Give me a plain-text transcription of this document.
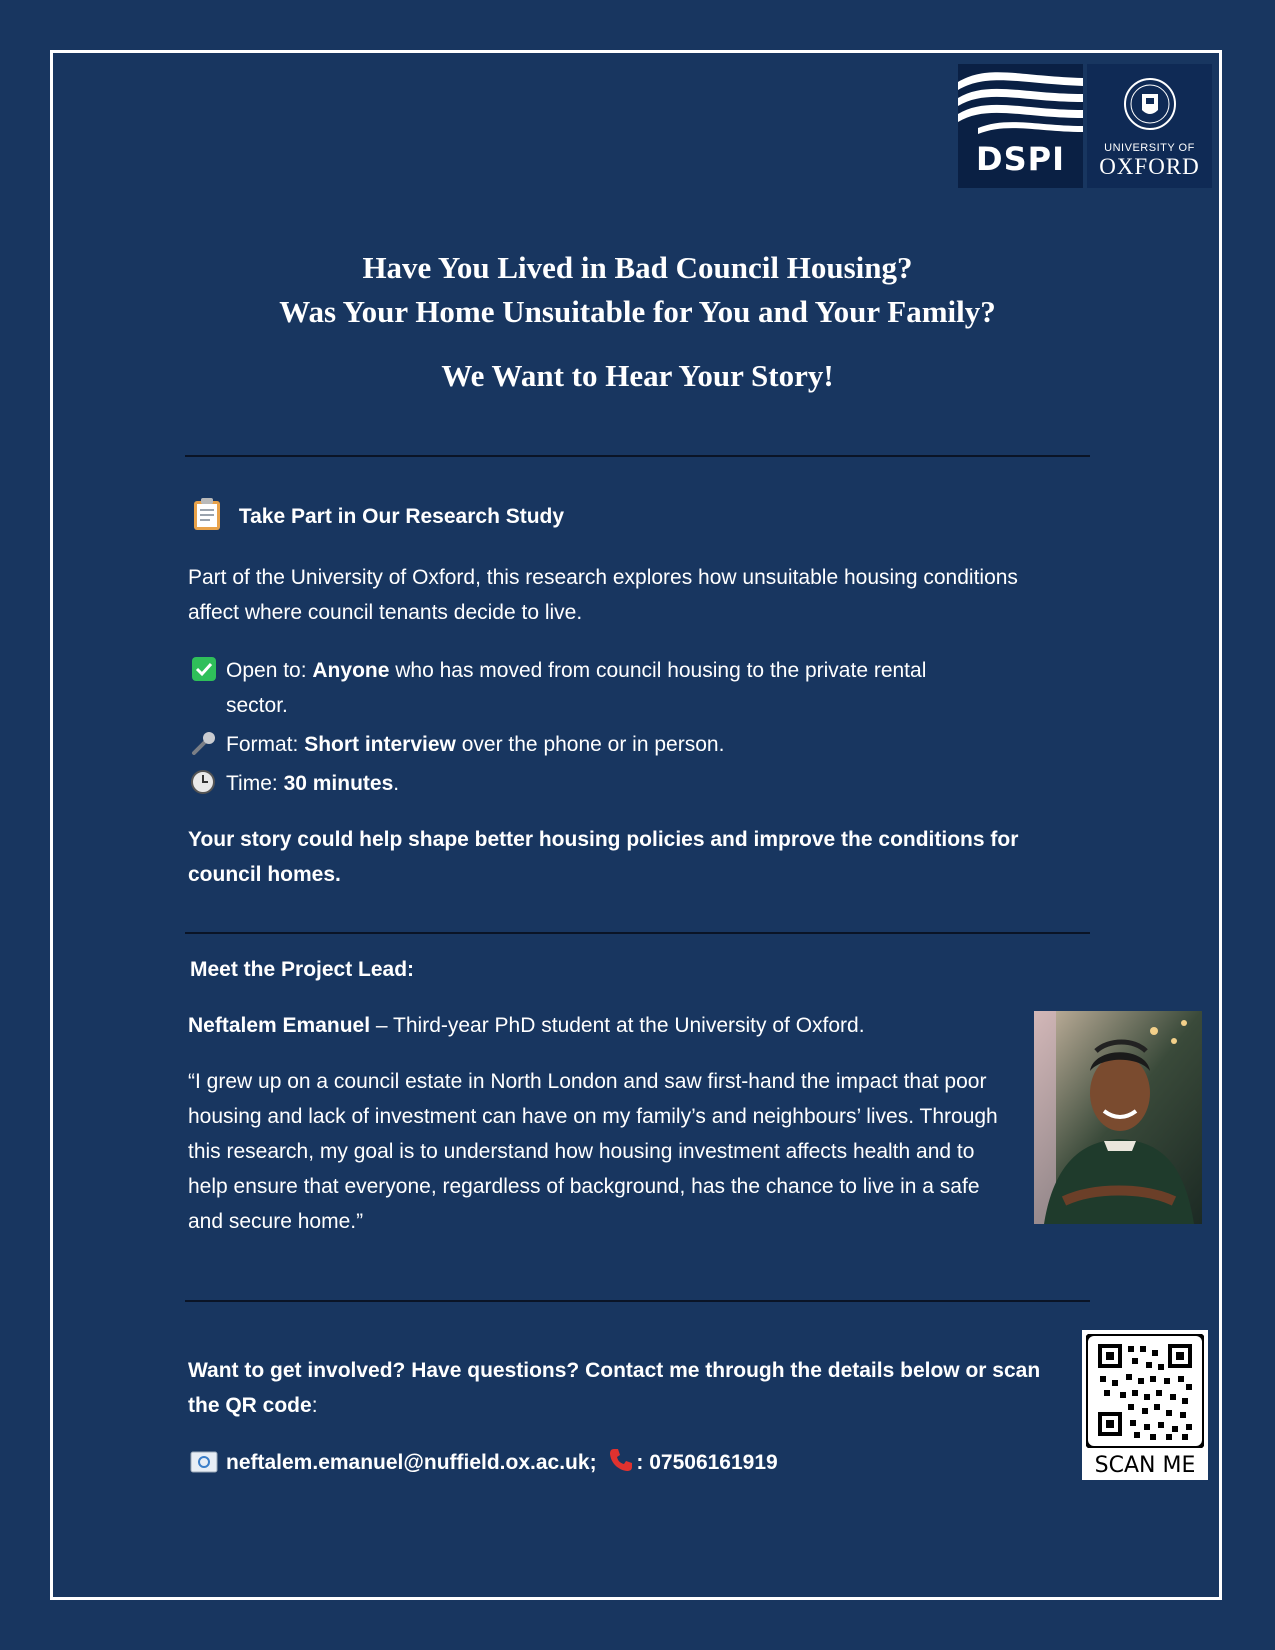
DSPI	UNIVERSITY OF
OXFORD
Have You Lived in Bad Council Housing?
Was Your Home Unsuitable for You and Your Family?
We Want to Hear Your Story!
Take Part in Our Research Study
Part of the University of Oxford, this research explores how unsuitable housing conditions affect where council tenants decide to live.
Open to: Anyone who has moved from council housing to the private rental
sector.
Format: Short interview over the phone or in person.
Time: 30 minutes.
Your story could help shape better housing policies and improve the conditions for council homes.
Meet the Project Lead:
Neftalem Emanuel – Third-year PhD student at the University of Oxford.
“I grew up on a council estate in North London and saw first-hand the impact that poor housing and lack of investment can have on my family’s and neighbours’ lives. Through this research, my goal is to understand how housing investment affects health and to help ensure that everyone, regardless of background, has the chance to live in a safe and secure home.”
Want to get involved? Have questions? Contact me through the details below or scan the QR code:
neftalem.emanuel@nuffield.ox.ac.uk; : 07506161919	SCAN ME
